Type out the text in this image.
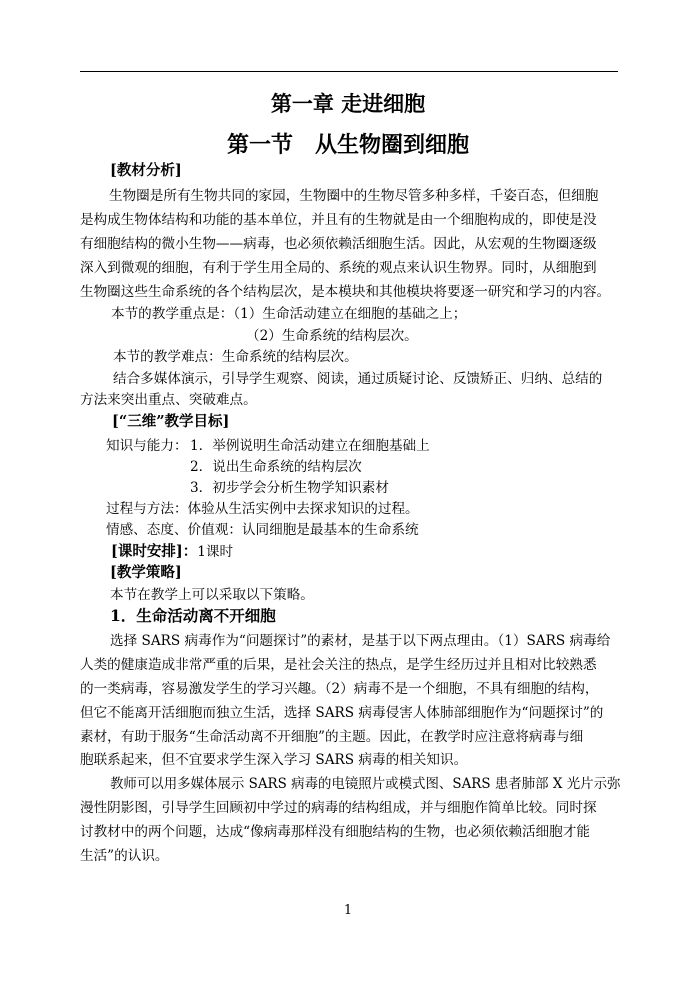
第一章 走进细胞
第一节　从生物圈到细胞
[教材分析]
生物圈是所有生物共同的家园，生物圈中的生物尽管多种多样，千姿百态，但细胞
是构成生物体结构和功能的基本单位，并且有的生物就是由一个细胞构成的，即使是没
有细胞结构的微小生物——病毒，也必须依赖活细胞生活。因此，从宏观的生物圈逐级
深入到微观的细胞，有利于学生用全局的、系统的观点来认识生物界。同时，从细胞到
生物圈这些生命系统的各个结构层次，是本模块和其他模块将要逐一研究和学习的内容。
本节的教学重点是：（1）生命活动建立在细胞的基础之上；
（2）生命系统的结构层次。
本节的教学难点：生命系统的结构层次。
结合多媒体演示，引导学生观察、阅读，通过质疑讨论、反馈矫正、归纳、总结的
方法来突出重点、突破难点。
[“三维”教学目标]
知识与能力： 1．举例说明生命活动建立在细胞基础上
2．说出生命系统的结构层次
3．初步学会分析生物学知识素材
过程与方法：体验从生活实例中去探求知识的过程。
情感、态度、价值观：认同细胞是最基本的生命系统
[课时安排]：1课时
[教学策略]
本节在教学上可以采取以下策略。
1．生命活动离不开细胞
选择 SARS 病毒作为“问题探讨”的素材，是基于以下两点理由。（1）SARS 病毒给
人类的健康造成非常严重的后果，是社会关注的热点，是学生经历过并且相对比较熟悉
的一类病毒，容易激发学生的学习兴趣。（2）病毒不是一个细胞，不具有细胞的结构，
但它不能离开活细胞而独立生活，选择 SARS 病毒侵害人体肺部细胞作为“问题探讨”的
素材，有助于服务“生命活动离不开细胞”的主题。因此，在教学时应注意将病毒与细
胞联系起来，但不宜要求学生深入学习 SARS 病毒的相关知识。
教师可以用多媒体展示 SARS 病毒的电镜照片或模式图、SARS 患者肺部 X 光片示弥
漫性阴影图，引导学生回顾初中学过的病毒的结构组成，并与细胞作简单比较。同时探
讨教材中的两个问题，达成“像病毒那样没有细胞结构的生物，也必须依赖活细胞才能
生活”的认识。
1
